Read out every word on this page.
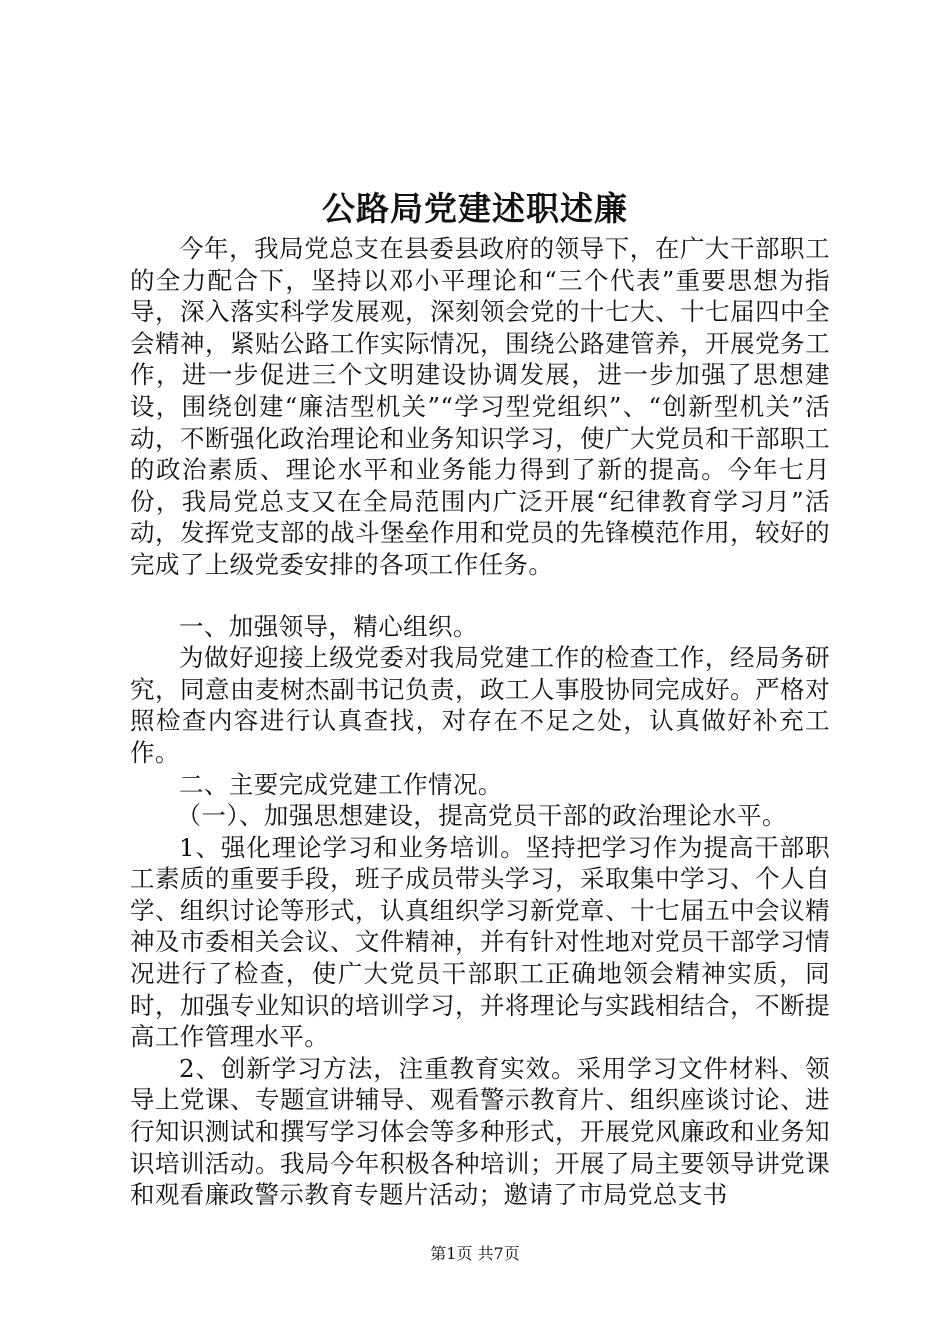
公路局党建述职述廉

今年，我局党总支在县委县政府的领导下，在广大干部职工的全力配合下，坚持以邓小平理论和“三个代表”重要思想为指导，深入落实科学发展观，深刻领会党的十七大、十七届四中全会精神，紧贴公路工作实际情况，围绕公路建管养，开展党务工作，进一步促进三个文明建设协调发展，进一步加强了思想建设，围绕创建“廉洁型机关”“学习型党组织”、“创新型机关”活动，不断强化政治理论和业务知识学习，使广大党员和干部职工的政治素质、理论水平和业务能力得到了新的提高。今年七月份，我局党总支又在全局范围内广泛开展“纪律教育学习月”活动，发挥党支部的战斗堡垒作用和党员的先锋模范作用，较好的完成了上级党委安排的各项工作任务。

一、加强领导，精心组织。

为做好迎接上级党委对我局党建工作的检查工作，经局务研究，同意由麦树杰副书记负责，政工人事股协同完成好。严格对照检查内容进行认真查找，对存在不足之处，认真做好补充工作。

二、主要完成党建工作情况。

（一）、加强思想建设，提高党员干部的政治理论水平。

1、强化理论学习和业务培训。坚持把学习作为提高干部职工素质的重要手段，班子成员带头学习，采取集中学习、个人自学、组织讨论等形式，认真组织学习新党章、十七届五中会议精神及市委相关会议、文件精神，并有针对性地对党员干部学习情况进行了检查，使广大党员干部职工正确地领会精神实质，同时，加强专业知识的培训学习，并将理论与实践相结合，不断提高工作管理水平。

2、创新学习方法，注重教育实效。采用学习文件材料、领导上党课、专题宣讲辅导、观看警示教育片、组织座谈讨论、进行知识测试和撰写学习体会等多种形式，开展党风廉政和业务知识培训活动。我局今年积极各种培训；开展了局主要领导讲党课和观看廉政警示教育专题片活动；邀请了市局党总支书

第1页 共7页
